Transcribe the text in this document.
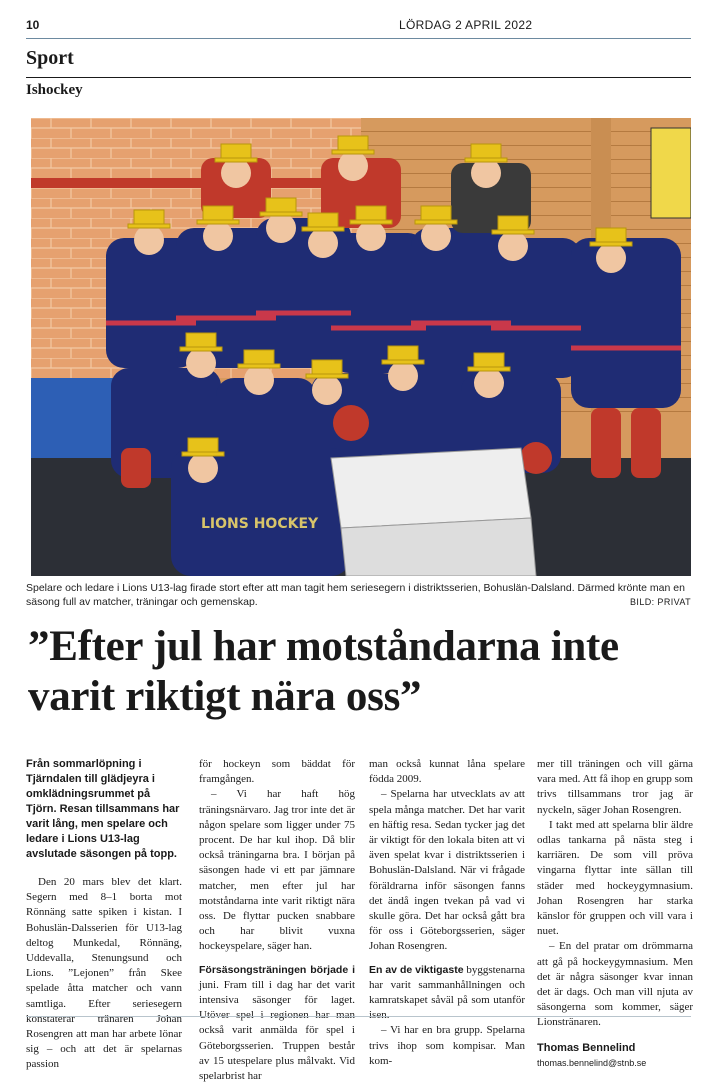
10	LÖRDAG 2 APRIL 2022
Sport
Ishockey
LIONS HOCKEY
Spelare och ledare i Lions U13-lag firade stort efter att man tagit hem seriesegern i distriktsserien, Bohuslän-Dalsland. Därmed krönte man en säsong full av matcher, träningar och gemenskap.	BILD: PRIVAT
”Efter jul har motståndarna inte varit riktigt nära oss”

Från sommarlöpning i Tjärndalen till glädjeyra i omklädningsrummet på Tjörn. Resan tillsammans har varit lång, men spelare och ledare i Lions U13-lag avslutade säsongen på topp.

Den 20 mars blev det klart. Segern med 8–1 borta mot Rönnäng satte spiken i kistan. I Bohuslän-Dalsserien för U13-lag deltog Munkedal, Rönnäng, Uddevalla, Stenungsund och Lions. ”Lejonen” från Skee spelade åtta matcher och vann samtliga. Efter seriesegern konstaterar tränaren Johan Rosengren att man har arbete lönar sig – och att det är spelarnas passion

för hockeyn som bäddat för framgången.

– Vi har haft hög träningsnärvaro. Jag tror inte det är någon spelare som ligger under 75 procent. De har kul ihop. Då blir också träningarna bra. I början på säsongen hade vi ett par jämnare matcher, men efter jul har motståndarna inte varit riktigt nära oss. De flyttar pucken snabbare och har blivit vuxna hockeyspelare, säger han.

Försäsongsträningen började i juni. Fram till i dag har det varit intensiva säsonger för laget. Utöver spel i regionen har man också varit anmälda för spel i Göteborgsserien. Truppen består av 15 utespelare plus målvakt. Vid spelarbrist har

man också kunnat låna spelare födda 2009.

– Spelarna har utvecklats av att spela många matcher. Det har varit en häftig resa. Sedan tycker jag det är viktigt för den lokala biten att vi även spelat kvar i distriktsserien i Bohuslän-Dalsland. När vi frågade föräldrarna inför säsongen fanns det ändå ingen tvekan på vad vi skulle göra. Det har också gått bra för oss i Göteborgsserien, säger Johan Rosengren.

En av de viktigaste byggstenarna har varit sammanhållningen och kamratskapet såväl på som utanför isen.

– Vi har en bra grupp. Spelarna trivs ihop som kompisar. Man kom-

mer till träningen och vill gärna vara med. Att få ihop en grupp som trivs tillsammans tror jag är nyckeln, säger Johan Rosengren.

I takt med att spelarna blir äldre odlas tankarna på nästa steg i karriären. De som vill pröva vingarna flyttar inte sällan till städer med hockeygymnasium. Johan Rosengren har starka känslor för gruppen och vill vara i nuet.

– En del pratar om drömmarna att gå på hockeygymnasium. Men det är några säsonger kvar innan det är dags. Och man vill njuta av säsongerna som kommer, säger Lionstränaren.

Thomas Bennelind

thomas.bennelind@stnb.se
